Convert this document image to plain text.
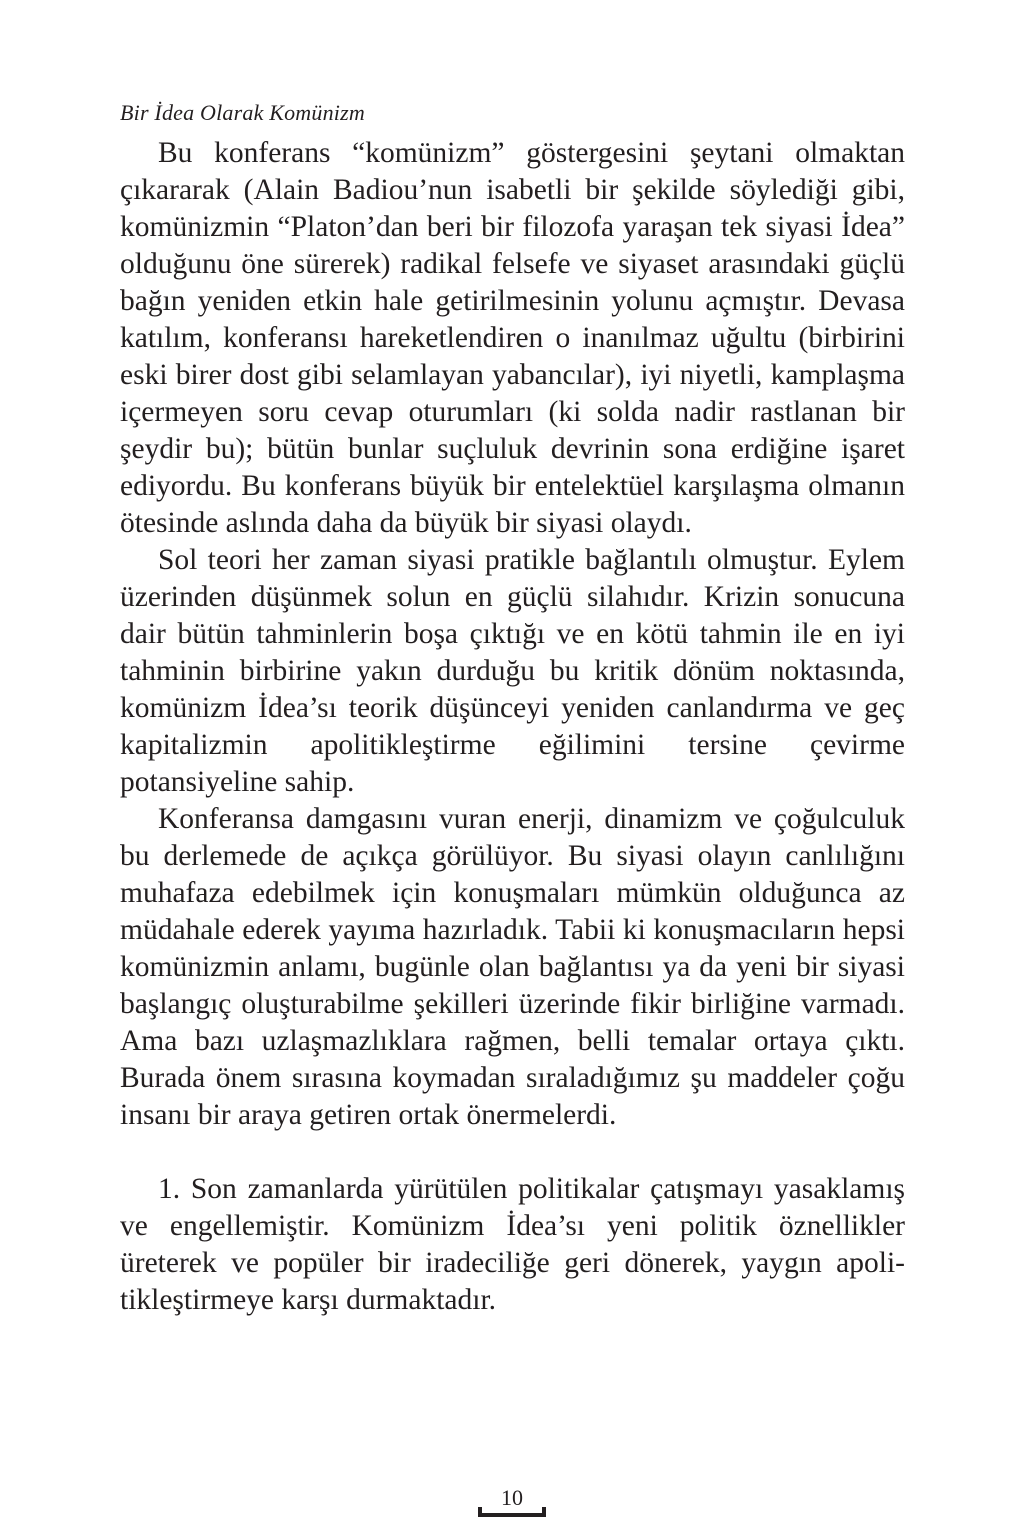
Bir İdea Olarak Komünizm

Bu konferans “komünizm” göstergesini şeytani olmaktan çıkararak (Alain Badiou’nun isabetli bir şekilde söylediği gibi, komünizmin “Platon’dan beri bir filozofa yaraşan tek siyasi İdea” olduğunu öne sürerek) radikal felsefe ve siyaset arasındaki güçlü bağın yeniden etkin hale getirilmesinin yolunu açmıştır. Devasa katılım, konferansı hareketlendiren o inanılmaz uğultu (birbirini eski birer dost gibi selamlayan yabancılar), iyi niyetli, kamplaşma içermeyen soru cevap oturumları (ki solda nadir rastlanan bir şeydir bu); bütün bunlar suçluluk devrinin sona erdiğine işaret ediyordu. Bu konferans büyük bir entelektüel karşılaşma olmanın ötesinde aslında daha da büyük bir siyasi olaydı.

Sol teori her zaman siyasi pratikle bağlantılı olmuştur. Eylem üzerinden düşünmek solun en güçlü silahıdır. Krizin sonucuna dair bütün tahminlerin boşa çıktığı ve en kötü tahmin ile en iyi tahminin birbirine yakın durduğu bu kritik dönüm noktasında, komünizm İdea’sı teorik düşünceyi yeniden canlandırma ve geç kapitalizmin apolitikleştirme eğilimini tersine çevirme potansiyeline sahip.

Konferansa damgasını vuran enerji, dinamizm ve çoğulculuk bu derlemede de açıkça görülüyor. Bu siyasi olayın canlılığını muhafaza edebilmek için konuşmaları mümkün olduğunca az müdahale ederek yayıma hazırladık. Tabii ki konuşmacıların hepsi komünizmin anlamı, bugünle olan bağlantısı ya da yeni bir siyasi başlangıç oluşturabilme şekilleri üzerinde fikir birliğine varmadı. Ama bazı uzlaşmazlıklara rağmen, belli temalar ortaya çıktı. Burada önem sırasına koymadan sıraladığımız şu maddeler çoğu insanı bir araya getiren ortak önermelerdi.

1. Son zamanlarda yürütülen politikalar çatışmayı yasaklamış ve engellemiştir. Komünizm İdea’sı yeni politik öznellikler üreterek ve popüler bir iradeciliğe geri dönerek, yaygın apolitikleştirmeye karşı durmaktadır.

10
